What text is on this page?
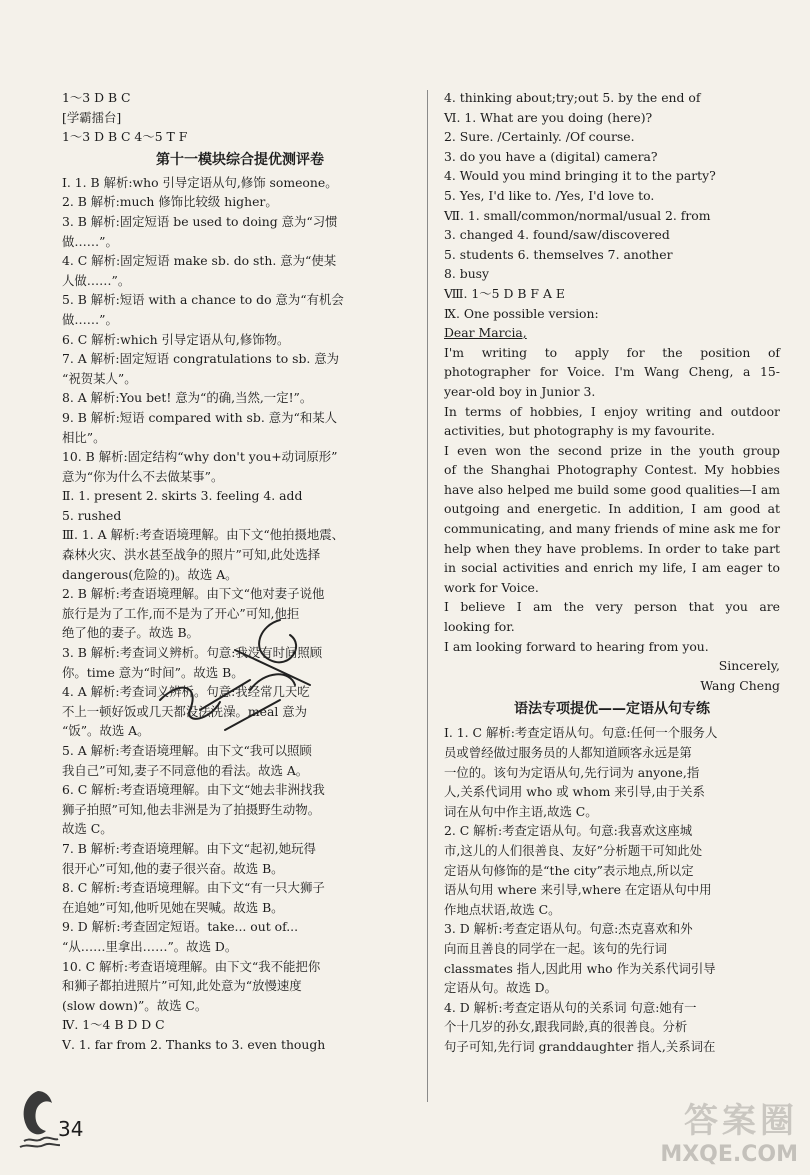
1～3 D B C
[学霸擂台]
1～3 D B C 4～5 T F
第十一模块综合提优测评卷
Ⅰ. 1. B 解析:who 引导定语从句,修饰 someone。
2. B 解析:much 修饰比较级 higher。
3. B 解析:固定短语 be used to doing 意为“习惯
做……”。
4. C 解析:固定短语 make sb. do sth. 意为“使某
人做……”。
5. B 解析:短语 with a chance to do 意为“有机会
做……”。
6. C 解析:which 引导定语从句,修饰物。
7. A 解析:固定短语 congratulations to sb. 意为
“祝贺某人”。
8. A 解析:You bet! 意为“的确,当然,一定!”。
9. B 解析:短语 compared with sb. 意为“和某人
相比”。
10. B 解析:固定结构“why don't you+动词原形”
意为“你为什么不去做某事”。
Ⅱ. 1. present 2. skirts 3. feeling 4. add
5. rushed
Ⅲ. 1. A 解析:考查语境理解。由下文“他拍摄地震、
森林火灾、洪水甚至战争的照片”可知,此处选择
dangerous(危险的)。故选 A。
2. B 解析:考查语境理解。由下文“他对妻子说他
旅行是为了工作,而不是为了开心”可知,他拒
绝了他的妻子。故选 B。
3. B 解析:考查词义辨析。句意:我没有时间照顾
你。time 意为“时间”。故选 B。
4. A 解析:考查词义辨析。句意:我经常几天吃
不上一顿好饭或几天都没法洗澡。meal 意为
“饭”。故选 A。
5. A 解析:考查语境理解。由下文“我可以照顾
我自己”可知,妻子不同意他的看法。故选 A。
6. C 解析:考查语境理解。由下文“她去非洲找我
狮子拍照”可知,他去非洲是为了拍摄野生动物。
故选 C。
7. B 解析:考查语境理解。由下文“起初,她玩得
很开心”可知,他的妻子很兴奋。故选 B。
8. C 解析:考查语境理解。由下文“有一只大狮子
在追她”可知,他听见她在哭喊。故选 B。
9. D 解析:考查固定短语。take... out of...
“从……里拿出……”。故选 D。
10. C 解析:考查语境理解。由下文“我不能把你
和狮子都拍进照片”可知,此处意为“放慢速度
(slow down)”。故选 C。
Ⅳ. 1～4 B D D C
Ⅴ. 1. far from 2. Thanks to 3. even though
4. thinking about;try;out 5. by the end of
Ⅵ. 1. What are you doing (here)?
2. Sure. /Certainly. /Of course.
3. do you have a (digital) camera?
4. Would you mind bringing it to the party?
5. Yes, I'd like to. /Yes, I'd love to.
Ⅶ. 1. small/common/normal/usual 2. from
3. changed 4. found/saw/discovered
5. students 6. themselves 7. another
8. busy
Ⅷ. 1～5 D B F A E
Ⅸ. One possible version:
Dear Marcia,
I'm writing to apply for the position of
photographer for Voice. I'm Wang Cheng, a 15-
year-old boy in Junior 3.
In terms of hobbies, I enjoy writing and outdoor
activities, but photography is my favourite.
I even won the second prize in the youth group
of the Shanghai Photography Contest. My hobbies
have also helped me build some good qualities—I am
outgoing and energetic. In addition, I am good at
communicating, and many friends of mine ask me for
help when they have problems. In order to take part
in social activities and enrich my life, I am eager to
work for Voice.
I believe I am the very person that you are
looking for.
I am looking forward to hearing from you.
Sincerely,
Wang Cheng
语法专项提优——定语从句专练
Ⅰ. 1. C 解析:考查定语从句。句意:任何一个服务人
员或曾经做过服务员的人都知道顾客永远是第
一位的。该句为定语从句,先行词为 anyone,指
人,关系代词用 who 或 whom 来引导,由于关系
词在从句中作主语,故选 C。
2. C 解析:考查定语从句。句意:我喜欢这座城
市,这儿的人们很善良、友好”分析题干可知此处
定语从句修饰的是“the city”表示地点,所以定
语从句用 where 来引导,where 在定语从句中用
作地点状语,故选 C。
3. D 解析:考查定语从句。句意:杰克喜欢和外
向而且善良的同学在一起。该句的先行词
classmates 指人,因此用 who 作为关系代词引导
定语从句。故选 D。
4. D 解析:考查定语从句的关系词 句意:她有一
个十几岁的孙女,跟我同龄,真的很善良。分析
句子可知,先行词 granddaughter 指人,关系词在
34	答案圈
MXQE.COM
